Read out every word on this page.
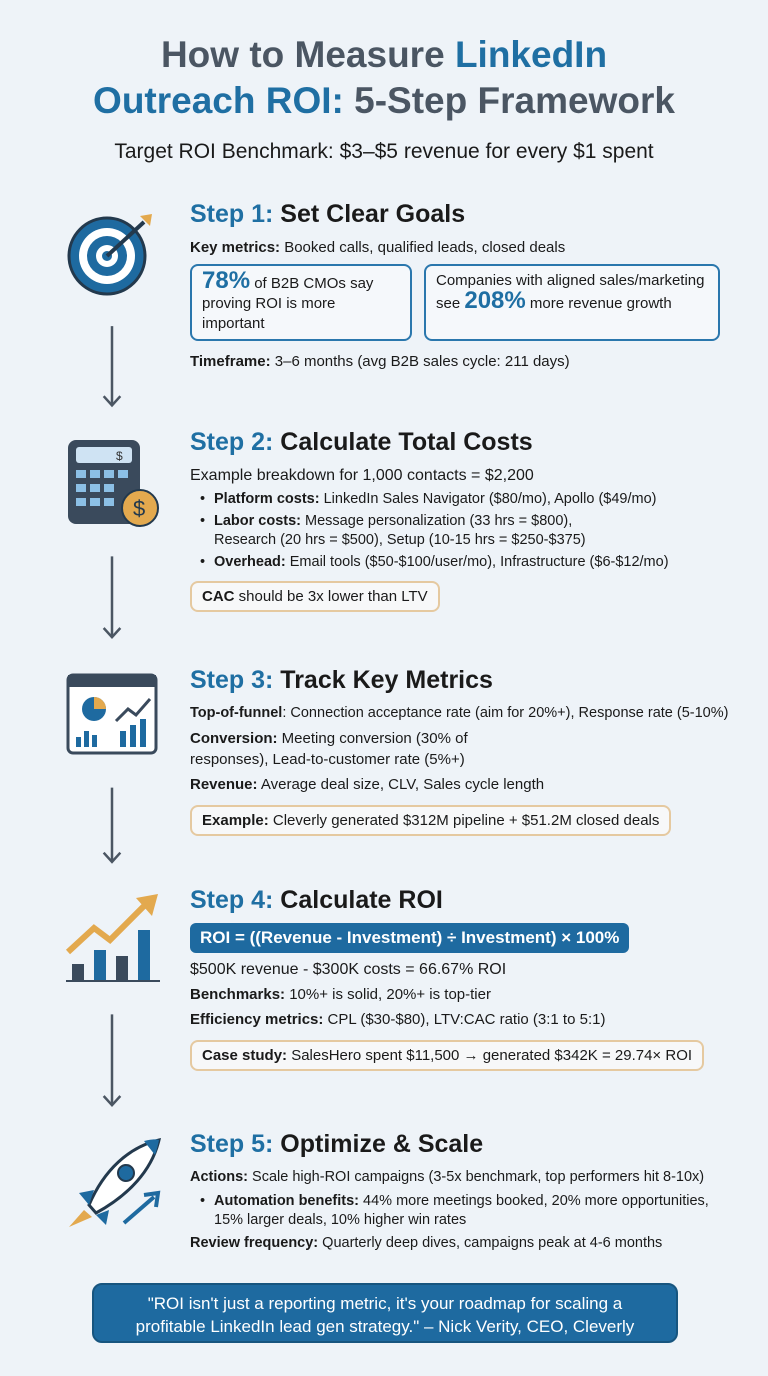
How to Measure LinkedIn
Outreach ROI: 5-Step Framework
Target ROI Benchmark: $3–$5 revenue for every $1 spent
$
$
Step 1: Set Clear Goals
Key metrics: Booked calls, qualified leads, closed deals
78% of B2B CMOs say
proving ROI is more important
Companies with aligned sales/marketing
see 208% more revenue growth
Timeframe: 3–6 months (avg B2B sales cycle: 211 days)
Step 2: Calculate Total Costs
Example breakdown for 1,000 contacts = $2,200
• Platform costs: LinkedIn Sales Navigator ($80/mo), Apollo ($49/mo)
• Labor costs: Message personalization (33 hrs = $800), Research (20 hrs = $500), Setup (10-15 hrs = $250-$375)
• Overhead: Email tools ($50-$100/user/mo), Infrastructure ($6-$12/mo)
CAC should be 3x lower than LTV
Step 3: Track Key Metrics
Top-of-funnel: Connection acceptance rate (aim for 20%+), Response rate (5-10%)
Conversion: Meeting conversion (30% of responses), Lead-to-customer rate (5%+)
Revenue: Average deal size, CLV, Sales cycle length
Example: Cleverly generated $312M pipeline + $51.2M closed deals
Step 4: Calculate ROI
ROI = ((Revenue - Investment) ÷ Investment) × 100%
$500K revenue - $300K costs = 66.67% ROI
Benchmarks: 10%+ is solid, 20%+ is top-tier
Efficiency metrics: CPL ($30-$80), LTV:CAC ratio (3:1 to 5:1)
Case study: SalesHero spent $11,500 → generated $342K = 29.74× ROI
Step 5: Optimize & Scale
Actions: Scale high-ROI campaigns (3-5x benchmark, top performers hit 8-10x)
• Automation benefits: 44% more meetings booked, 20% more opportunities, 15% larger deals, 10% higher win rates
Review frequency: Quarterly deep dives, campaigns peak at 4-6 months
"ROI isn't just a reporting metric, it's your roadmap for scaling a
profitable LinkedIn lead gen strategy." – Nick Verity, CEO, Cleverly
